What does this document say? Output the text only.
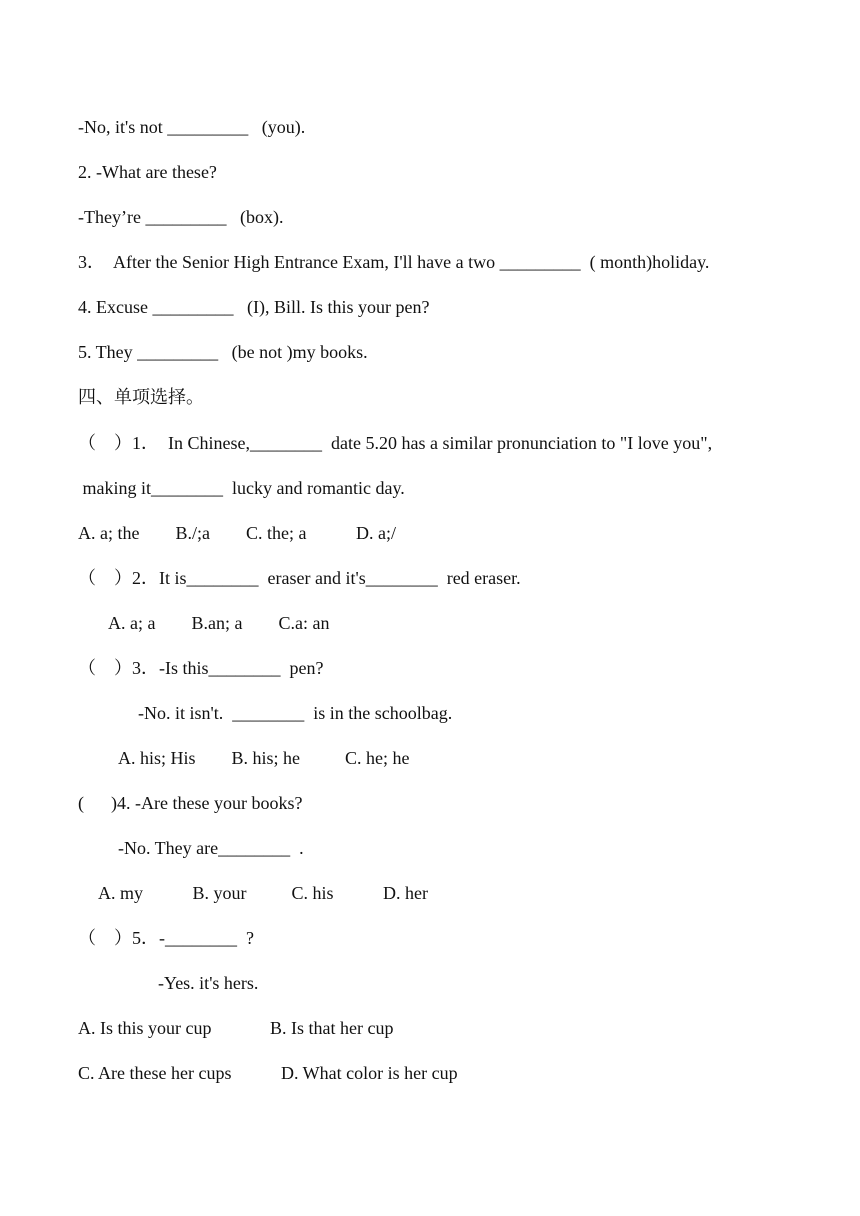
-No, it's not _________   (you).
2. -What are these?
-They’re _________   (box).
3．  After the Senior High Entrance Exam, I'll have a two _________  ( month)holiday.
4. Excuse _________   (I), Bill. Is this your pen?
5. They _________   (be not )my books.
四、单项选择。
（    ）1．  In Chinese,________  date 5.20 has a similar pronunciation to "I love you",
making it________  lucky and romantic day.
A. a; the        B./;a        C. the; a           D. a;/
（    ）2．It is________  eraser and it's________  red eraser.
A. a; a        B.an; a        C.a: an
（    ）3．-Is this________  pen?
-No. it isn't.  ________  is in the schoolbag.
A. his; His        B. his; he          C. he; he
(      )4. -Are these your books?
-No. They are________  .
A. my           B. your          C. his           D. her
（    ）5．-________  ?
-Yes. it's hers.
A. Is this your cup             B. Is that her cup
C. Are these her cups           D. What color is her cup
